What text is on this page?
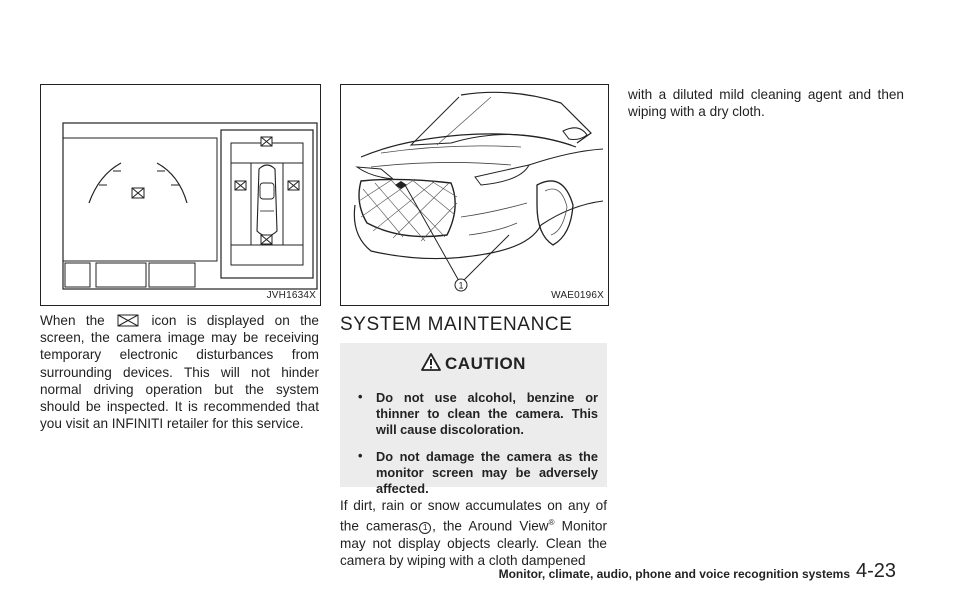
JVH1634X
1
WAE0196X

When the	icon is displayed on the screen, the camera image may be receiving temporary electronic disturbances from surrounding devices. This will not hinder normal driving operation but the system should be inspected. It is recommended that you visit an INFINITI retailer for this service.

SYSTEM MAINTENANCE
CAUTION
• Do not use alcohol, benzine or thinner to clean the camera. This will cause discoloration.
• Do not damage the camera as the monitor screen may be adversely affected.

If dirt, rain or snow accumulates on any of the cameras 1 , the Around View® Monitor may not display objects clearly. Clean the camera by wiping with a cloth dampened

with a diluted mild cleaning agent and then wiping with a dry cloth.

Monitor, climate, audio, phone and voice recognition systems 4-23
